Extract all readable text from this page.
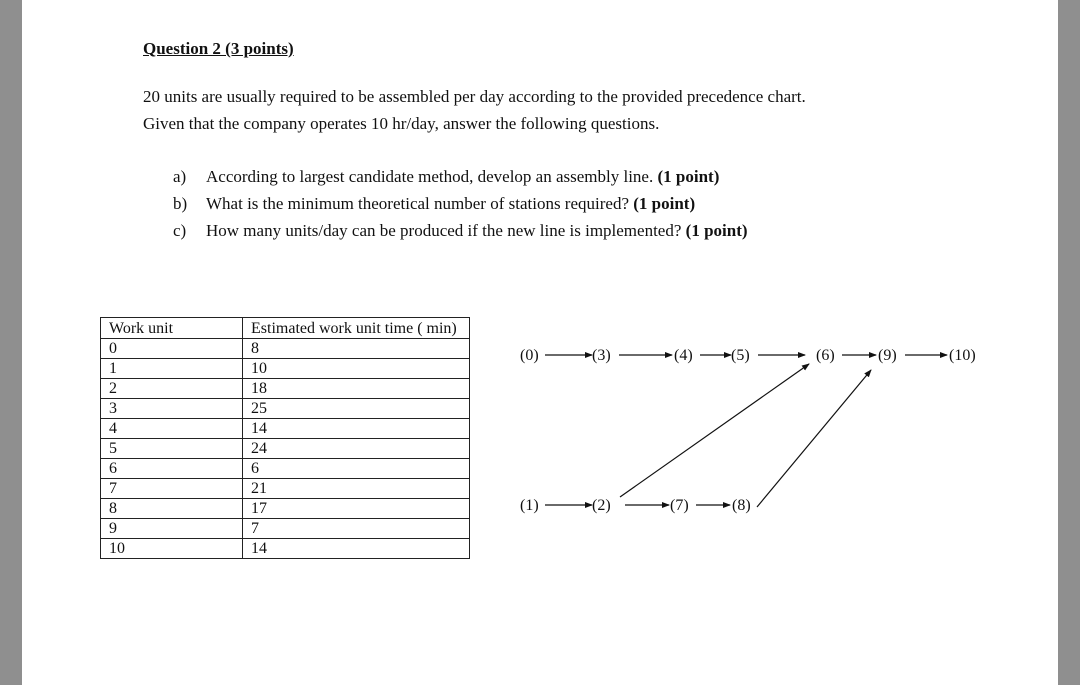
Question 2 (3 points)
20 units are usually required to be assembled per day according to the provided precedence chart.
Given that the company operates 10 hr/day, answer the following questions.
a)	According to largest candidate method, develop an assembly line. (1 point)
b)	What is the minimum theoretical number of stations required? (1 point)
c)	How many units/day can be produced if the new line is implemented? (1 point)
Work unit	Estimated work unit time ( min)
0	8
1	10
2	18
3	25
4	14
5	24
6	6
7	21
8	17
9	7
10	14
(0)	(3)	(4) (5)	(6)	(9)	(10)
(1)	(2)	(7)	(8)
